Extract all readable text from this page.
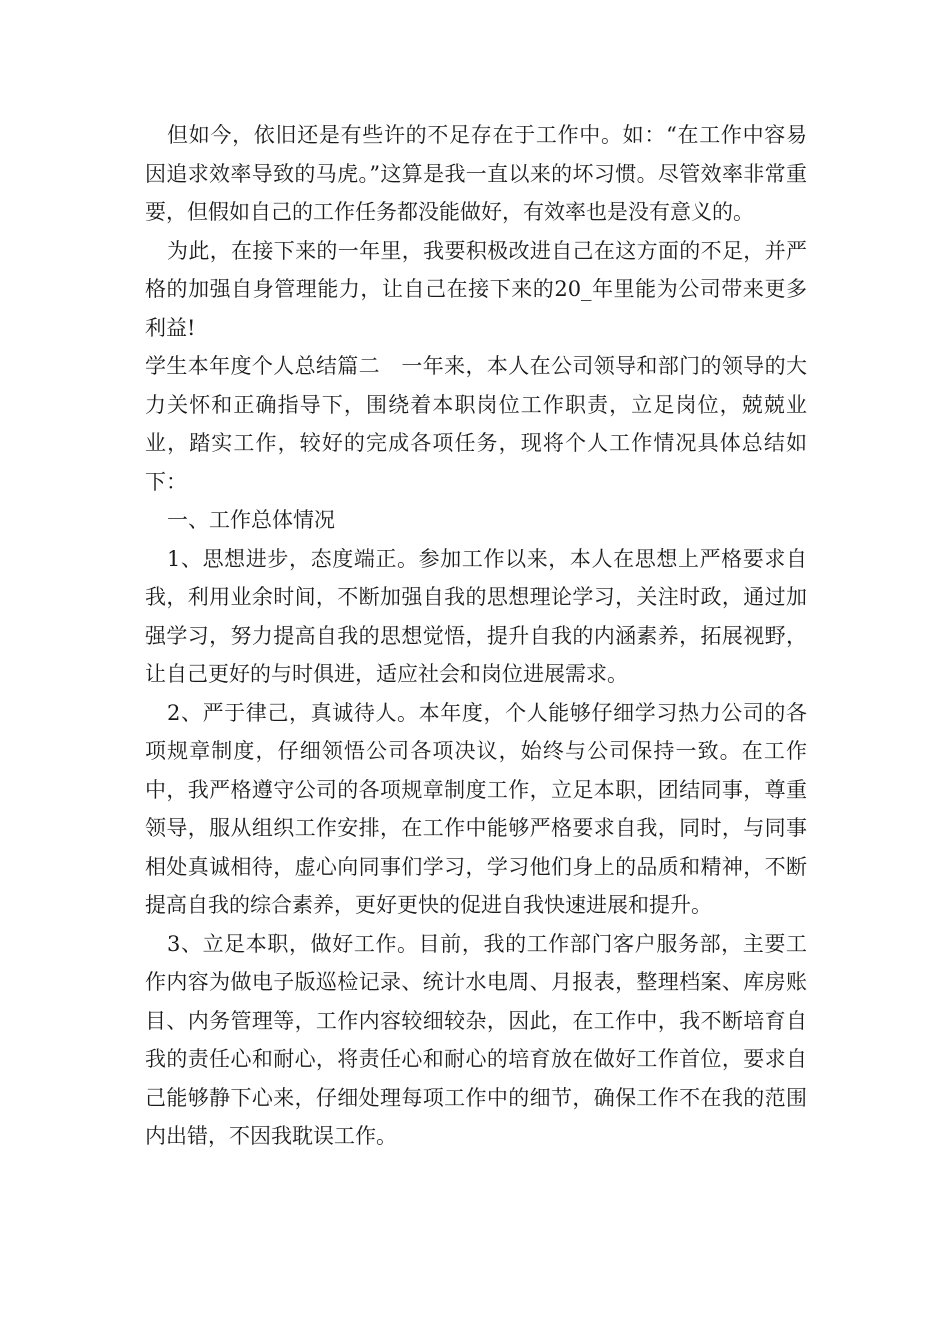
但如今，依旧还是有些许的不足存在于工作中。如：“在工作中容易因追求效率导致的马虎。”这算是我一直以来的坏习惯。尽管效率非常重要，但假如自己的工作任务都没能做好，有效率也是没有意义的。

为此，在接下来的一年里，我要积极改进自己在这方面的不足，并严格的加强自身管理能力，让自己在接下来的20_年里能为公司带来更多利益!

学生本年度个人总结篇二　一年来，本人在公司领导和部门的领导的大力关怀和正确指导下，围绕着本职岗位工作职责，立足岗位，兢兢业业，踏实工作，较好的完成各项任务，现将个人工作情况具体总结如下：

一、工作总体情况

1、思想进步，态度端正。参加工作以来，本人在思想上严格要求自我，利用业余时间，不断加强自我的思想理论学习，关注时政，通过加强学习，努力提高自我的思想觉悟，提升自我的内涵素养，拓展视野，让自己更好的与时俱进，适应社会和岗位进展需求。

2、严于律己，真诚待人。本年度，个人能够仔细学习热力公司的各项规章制度，仔细领悟公司各项决议，始终与公司保持一致。在工作中，我严格遵守公司的各项规章制度工作，立足本职，团结同事，尊重领导，服从组织工作安排，在工作中能够严格要求自我，同时，与同事相处真诚相待，虚心向同事们学习，学习他们身上的品质和精神，不断提高自我的综合素养，更好更快的促进自我快速进展和提升。

3、立足本职，做好工作。目前，我的工作部门客户服务部，主要工作内容为做电子版巡检记录、统计水电周、月报表，整理档案、库房账目、内务管理等，工作内容较细较杂，因此，在工作中，我不断培育自我的责任心和耐心，将责任心和耐心的培育放在做好工作首位，要求自己能够静下心来，仔细处理每项工作中的细节，确保工作不在我的范围内出错，不因我耽误工作。
